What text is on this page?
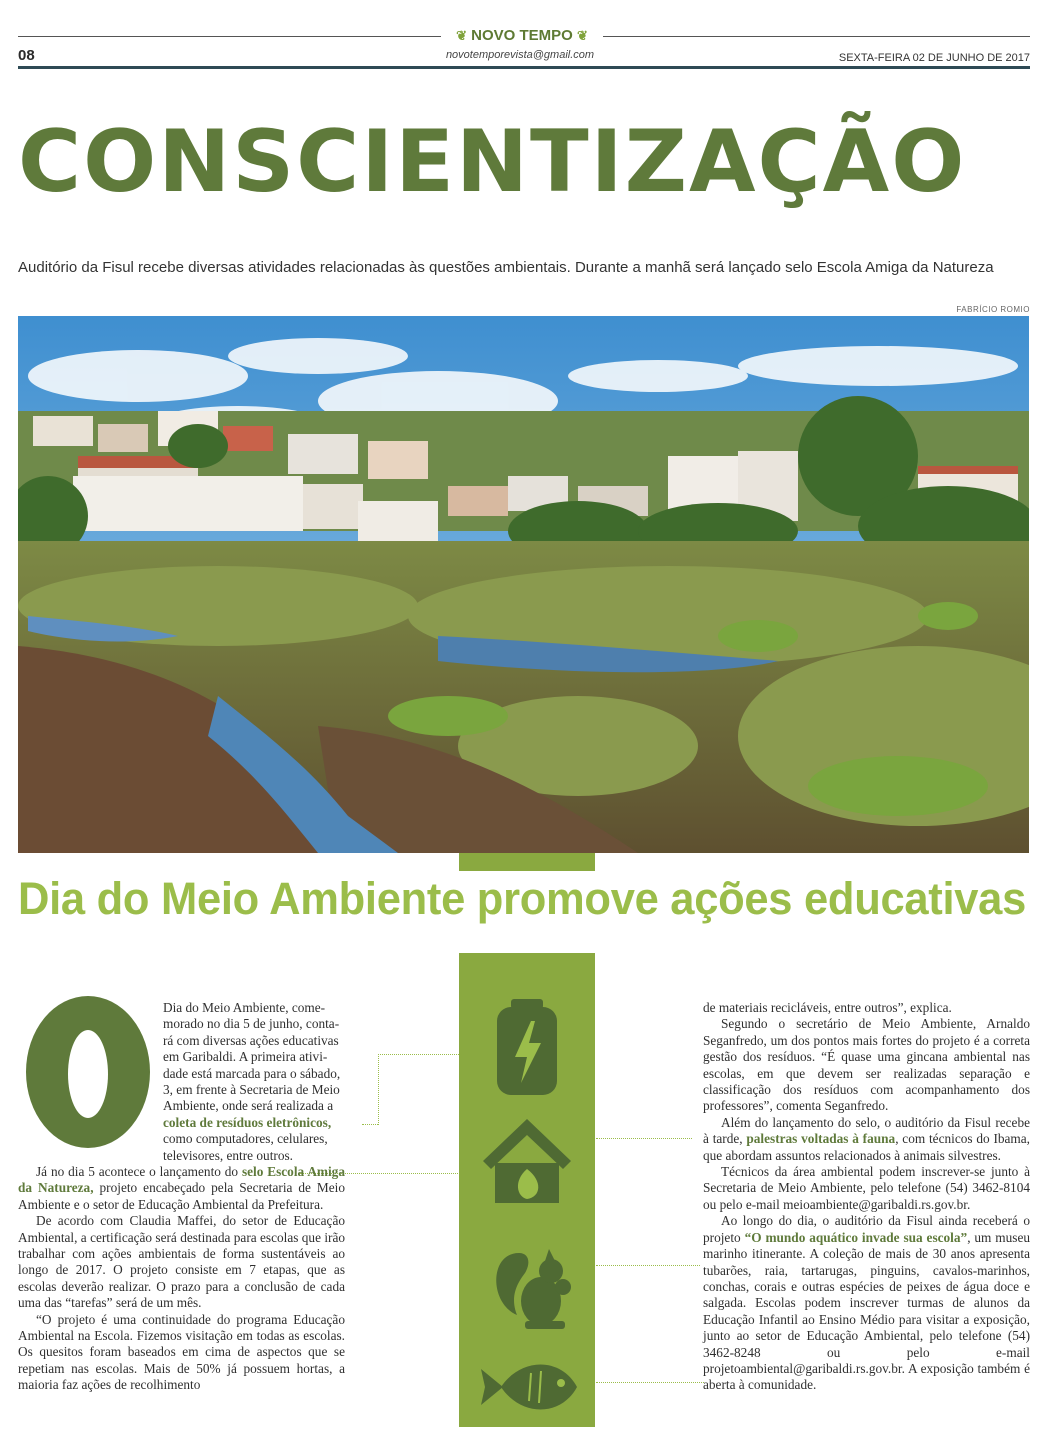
❦ NOVO TEMPO ❦
novotemporevista@gmail.com
08	SEXTA-FEIRA 02 DE JUNHO DE 2017
CONSCIENTIZAÇÃO
Auditório da Fisul recebe diversas atividades relacionadas às questões ambientais. Durante a manhã será lançado selo Escola Amiga da Natureza
FABRÍCIO ROMIO
Dia do Meio Ambiente promove ações educativas
Dia do Meio Ambiente, come-
morado no dia 5 de junho, conta-
rá com diversas ações educativas
em Garibaldi. A primeira ativi-
dade está marcada para o sábado,
3, em frente à Secretaria de Meio
Ambiente, onde será realizada a
coleta de resíduos eletrônicos,
como computadores, celulares,
televisores, entre outros.

Já no dia 5 acontece o lançamento do selo Escola Amiga da Natureza, projeto encabeçado pela Secretaria de Meio Ambiente e o setor de Educação Ambiental da Prefeitura.

De acordo com Claudia Maffei, do setor de Educação Ambiental, a certificação será destinada para escolas que irão trabalhar com ações ambientais de forma sustentáveis ao longo de 2017. O projeto consiste em 7 etapas, que as escolas deverão realizar. O prazo para a conclusão de cada uma das “tarefas” será de um mês.

“O projeto é uma continuidade do programa Educação Ambiental na Escola. Fizemos visitação em todas as escolas. Os quesitos foram baseados em cima de aspectos que se repetiam nas escolas. Mais de 50% já possuem hortas, a maioria faz ações de recolhimento

de materiais recicláveis, entre outros”, explica.

Segundo o secretário de Meio Ambiente, Arnaldo Seganfredo, um dos pontos mais fortes do projeto é a correta gestão dos resíduos. “É quase uma gincana ambiental nas escolas, em que devem ser realizadas separação e classificação dos resíduos com acompanhamento dos professores”, comenta Seganfredo.

Além do lançamento do selo, o auditório da Fisul recebe à tarde, palestras voltadas à fauna, com técnicos do Ibama, que abordam assuntos relacionados à animais silvestres.

Técnicos da área ambiental podem inscrever-se junto à Secretaria de Meio Ambiente, pelo telefone (54) 3462-8104 ou pelo e-mail meioambiente@garibaldi.rs.gov.br.

Ao longo do dia, o auditório da Fisul ainda receberá o projeto “O mundo aquático invade sua escola”, um museu marinho itinerante. A coleção de mais de 30 anos apresenta tubarões, raia, tartarugas, pinguins, cavalos-marinhos, conchas, corais e outras espécies de peixes de água doce e salgada. Escolas podem inscrever turmas de alunos da Educação Infantil ao Ensino Médio para visitar a exposição, junto ao setor de Educação Ambiental, pelo telefone (54) 3462-8248 ou pelo e-mail projetoambiental@garibaldi.rs.gov.br. A exposição também é aberta à comunidade.
